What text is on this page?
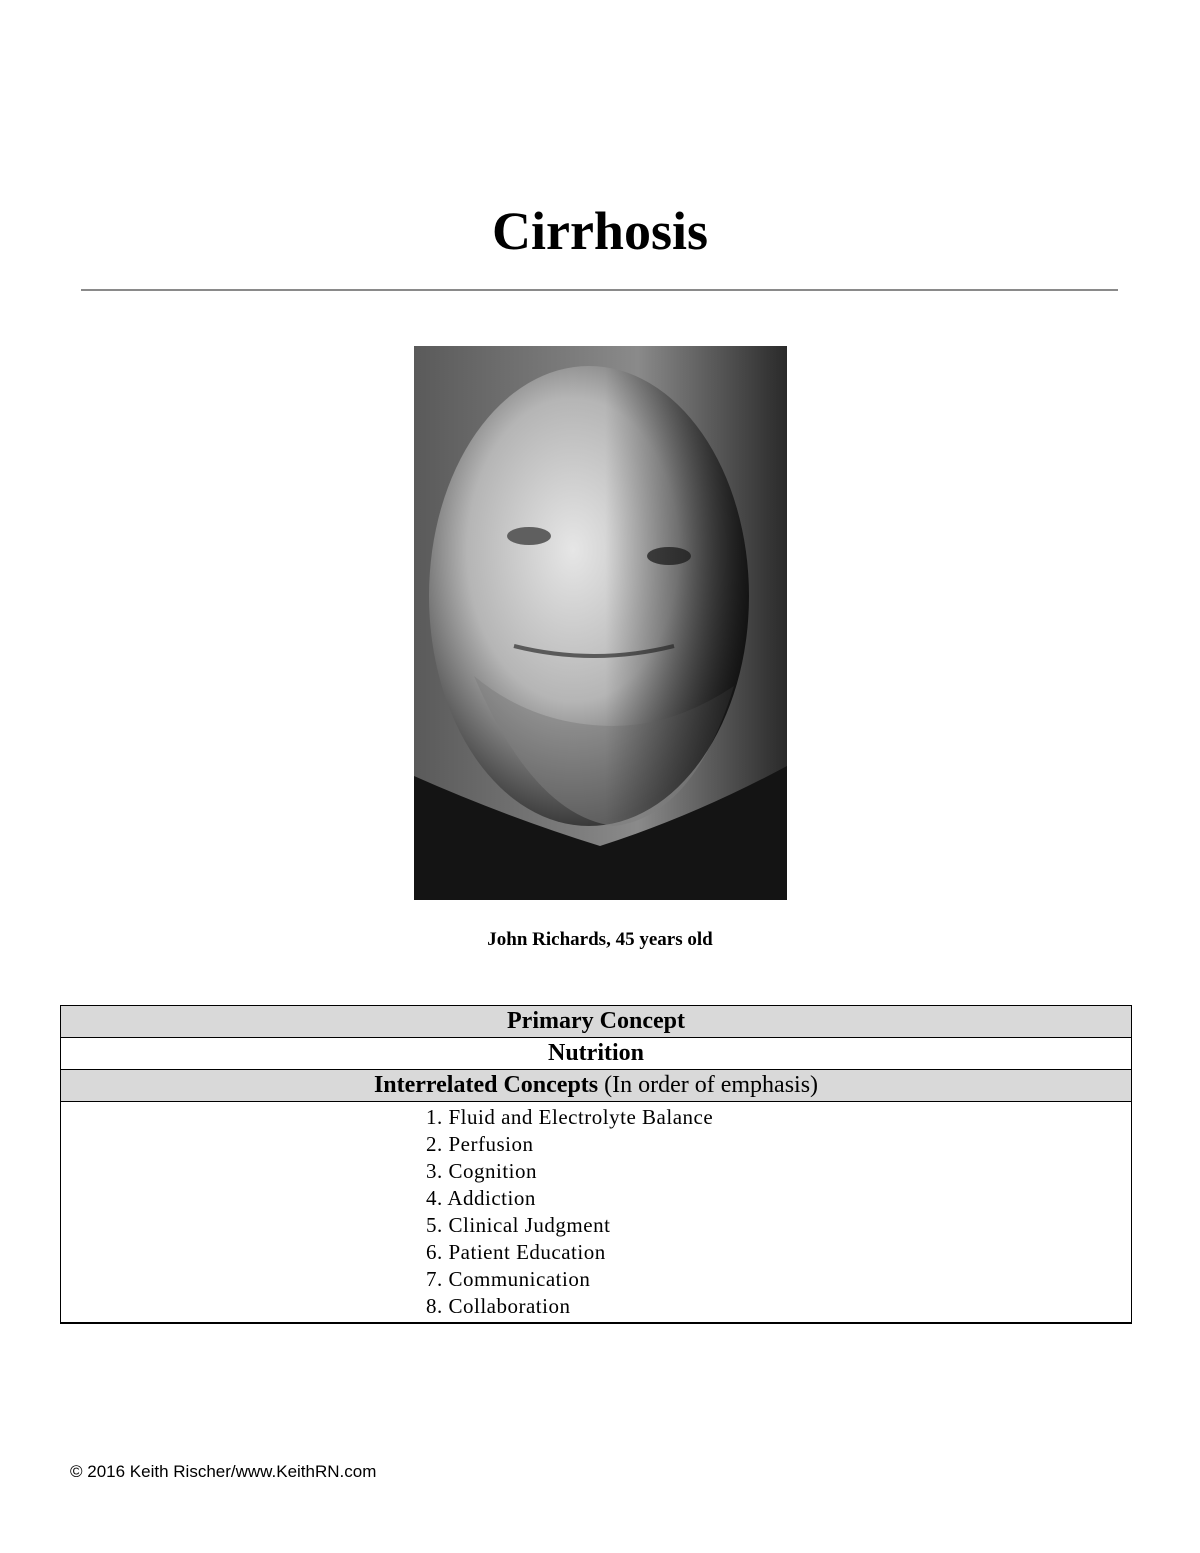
Cirrhosis
John Richards, 45 years old
Primary Concept
Nutrition
Interrelated Concepts (In order of emphasis)

1. Fluid and Electrolyte Balance
2. Perfusion
3. Cognition
4. Addiction
5. Clinical Judgment
6. Patient Education
7. Communication
8. Collaboration
© 2016 Keith Rischer/www.KeithRN.com
